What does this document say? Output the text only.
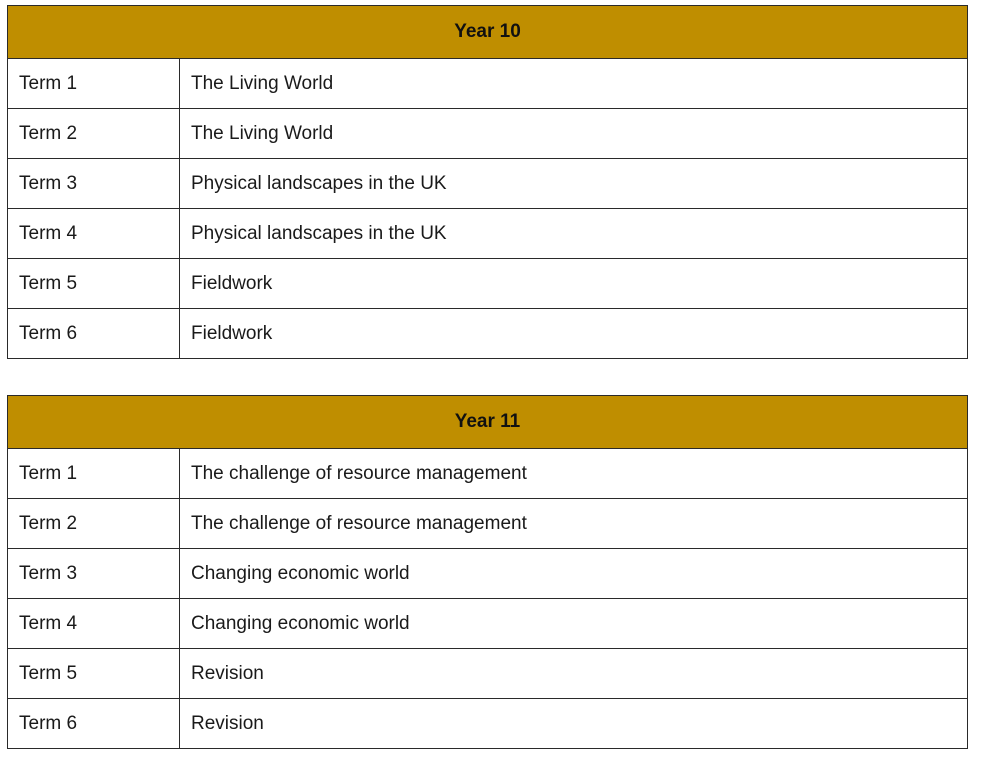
Year 10	
Term 1	The Living World
Term 2	The Living World
Term 3	Physical landscapes in the UK
Term 4	Physical landscapes in the UK
Term 5	Fieldwork
Term 6	Fieldwork
Year 11	
Term 1	The challenge of resource management
Term 2	The challenge of resource management
Term 3	Changing economic world
Term 4	Changing economic world
Term 5	Revision
Term 6	Revision
